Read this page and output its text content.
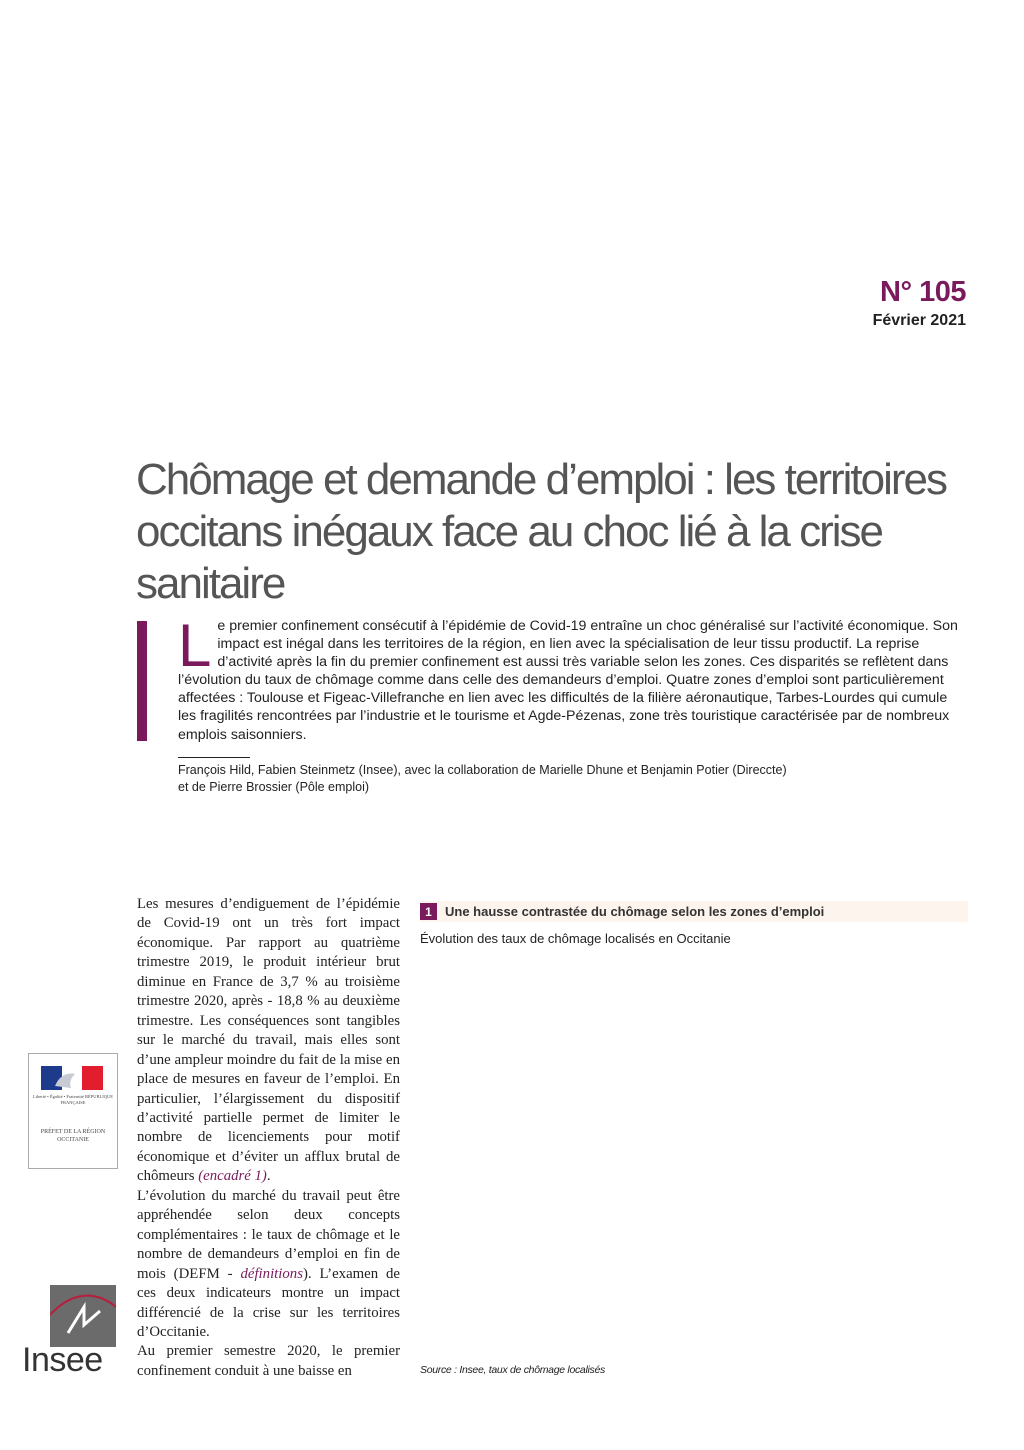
N° 105
Février 2021
Chômage et demande d’emploi : les territoires occitans inégaux face au choc lié à la crise sanitaire

Le premier confinement consécutif à l’épidémie de Covid-19 entraîne un choc généralisé sur l’activité économique. Son impact est inégal dans les territoires de la région, en lien avec la spécialisation de leur tissu productif. La reprise d’activité après la fin du premier confinement est aussi très variable selon les zones. Ces disparités se reflètent dans l’évolution du taux de chômage comme dans celle des demandeurs d’emploi. Quatre zones d’emploi sont particulièrement affectées : Toulouse et Figeac-Villefranche en lien avec les difficultés de la filière aéronautique, Tarbes-Lourdes qui cumule les fragilités rencontrées par l’industrie et le tourisme et Agde-Pézenas, zone très touristique caractérisée par de nombreux emplois saisonniers.

François Hild, Fabien Steinmetz (Insee), avec la collaboration de Marielle Dhune et Benjamin Potier (Direccte)
et de Pierre Brossier (Pôle emploi)

Les mesures d’endiguement de l’épidémie de Covid-19 ont un très fort impact économique. Par rapport au quatrième trimestre 2019, le produit intérieur brut diminue en France de 3,7 % au troisième trimestre 2020, après - 18,8 % au deuxième trimestre. Les conséquences sont tangibles sur le marché du travail, mais elles sont d’une ampleur moindre du fait de la mise en place de mesures en faveur de l’emploi. En particulier, l’élargissement du dispositif d’activité partielle permet de limiter le nombre de licenciements pour motif économique et d’éviter un afflux brutal de chômeurs (encadré 1).

L’évolution du marché du travail peut être appréhendée selon deux concepts complémentaires : le taux de chômage et le nombre de demandeurs d’emploi en fin de mois (DEFM - définitions). L’examen de ces deux indicateurs montre un impact différencié de la crise sur les territoires d’Occitanie.

Au premier semestre 2020, le premier confinement conduit à une baisse en

1	Une hausse contrastée du chômage selon les zones d’emploi
Évolution des taux de chômage localisés en Occitanie
Source : Insee, taux de chômage localisés
Liberté • Égalité • Fraternité RÉPUBLIQUE FRANÇAISE
PRÉFET DE LA RÉGION OCCITANIE
Insee
